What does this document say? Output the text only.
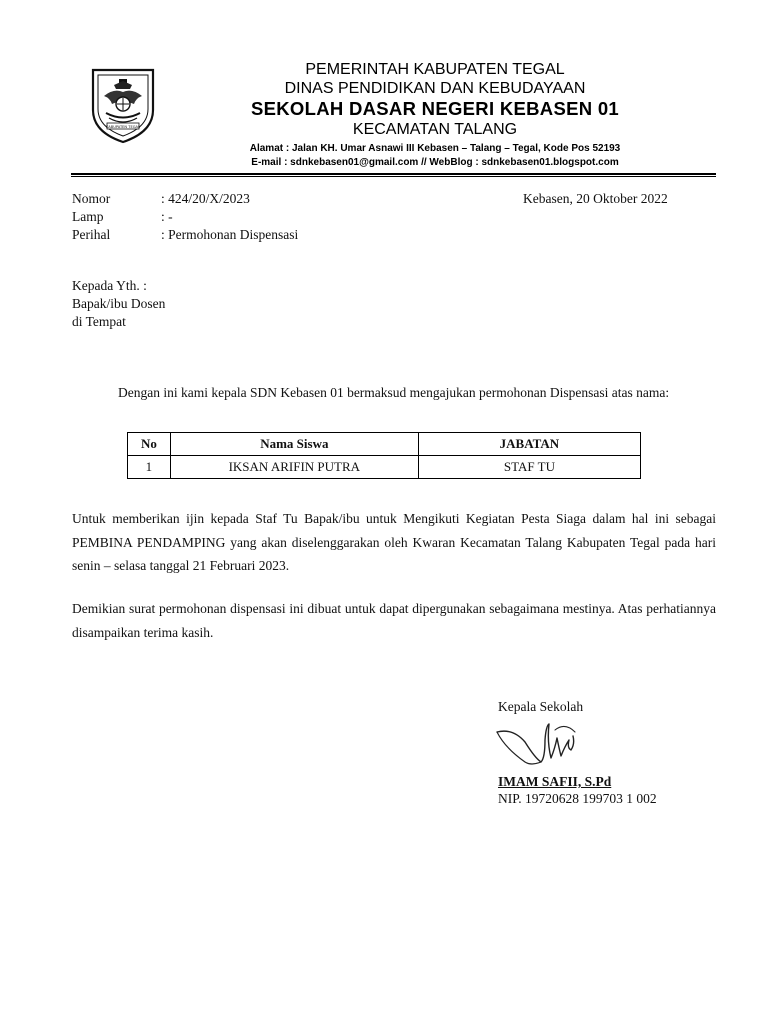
KABUPATEN TEGAL
PEMERINTAH KABUPATEN TEGAL
DINAS PENDIDIKAN DAN KEBUDAYAAN
SEKOLAH DASAR NEGERI KEBASEN 01
KECAMATAN TALANG
Alamat : Jalan KH. Umar Asnawi III Kebasen – Talang – Tegal, Kode Pos 52193
E-mail : sdnkebasen01@gmail.com // WebBlog : sdnkebasen01.blogspot.com
Nomor	: 424/20/X/2023	Kebasen, 20 Oktober 2022
Lamp	: -
Perihal	: Permohonan Dispensasi
Kepada Yth. :
Bapak/ibu Dosen
di Tempat
Dengan ini kami kepala SDN Kebasen 01 bermaksud mengajukan permohonan Dispensasi atas nama:
No	Nama Siswa	JABATAN
1	IKSAN ARIFIN PUTRA	STAF TU
Untuk memberikan ijin kepada Staf Tu Bapak/ibu untuk Mengikuti Kegiatan Pesta Siaga dalam hal ini sebagai PEMBINA PENDAMPING yang akan diselenggarakan oleh Kwaran Kecamatan Talang Kabupaten Tegal pada hari senin – selasa tanggal 21 Februari 2023.
Demikian surat permohonan dispensasi ini dibuat untuk dapat dipergunakan sebagaimana mestinya. Atas perhatiannya disampaikan terima kasih.
Kepala Sekolah
IMAM SAFII, S.Pd
NIP. 19720628 199703 1 002
